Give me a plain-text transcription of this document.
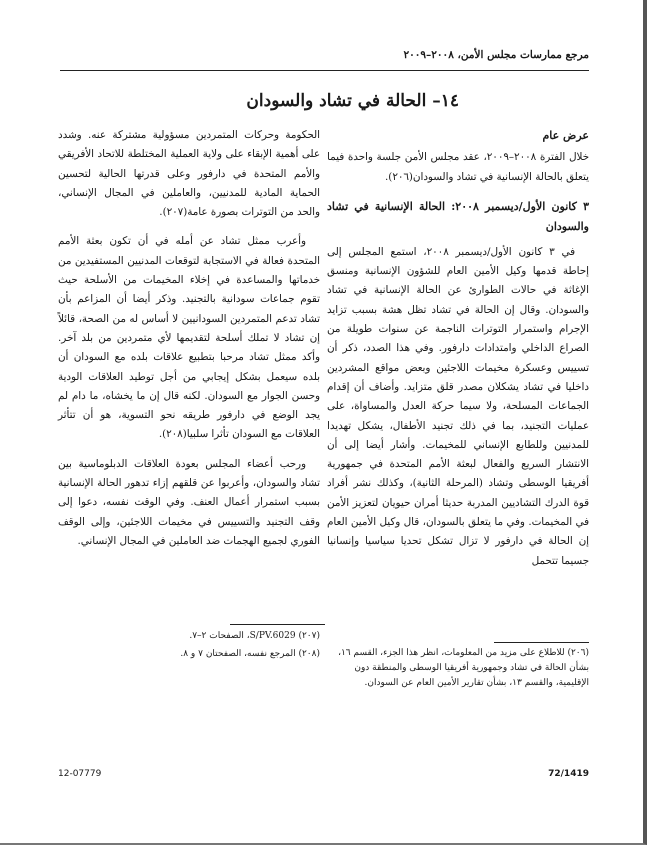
مرجع ممارسات مجلس الأمن، ٢٠٠٨–٢٠٠٩
١٤– الحالة في تشاد والسودان
عرض عام

خلال الفترة ٢٠٠٨–٢٠٠٩، عقد مجلس الأمن جلسة واحدة فيما يتعلق بالحالة الإنسانية في تشاد والسودان(٢٠٦).

٣ كانون الأول/ديسمبر ٢٠٠٨: الحالة الإنسانية في تشاد والسودان

في ٣ كانون الأول/ديسمبر ٢٠٠٨، استمع المجلس إلى إحاطة قدمها وكيل الأمين العام للشؤون الإنسانية ومنسق الإغاثة في حالات الطوارئ عن الحالة الإنسانية في تشاد والسودان. وقال إن الحالة في تشاد تظل هشة بسبب تزايد الإجرام واستمرار التوترات الناجمة عن سنوات طويلة من الصراع الداخلي وامتدادات دارفور. وفي هذا الصدد، ذكر أن تسييس وعسكرة مخيمات اللاجئين وبعض مواقع المشردين داخليا في تشاد يشكلان مصدر قلق متزايد. وأضاف أن إقدام الجماعات المسلحة، ولا سيما حركة العدل والمساواة، على عمليات التجنيد، بما في ذلك تجنيد الأطفال، يشكل تهديدا للمدنيين وللطابع الإنساني للمخيمات. وأشار أيضا إلى أن الانتشار السريع والفعال لبعثة الأمم المتحدة في جمهورية أفريقيا الوسطى وتشاد (المرحلة الثانية)، وكذلك نشر أفراد قوة الدرك التشاديين المدربة حديثا أمران حيويان لتعزيز الأمن في المخيمات. وفي ما يتعلق بالسودان، قال وكيل الأمين العام إن الحالة في دارفور لا تزال تشكل تحديا سياسيا وإنسانيا جسيما تتحمل

الحكومة وحركات المتمردين مسؤولية مشتركة عنه. وشدد على أهمية الإبقاء على ولاية العملية المختلطة للاتحاد الأفريقي والأمم المتحدة في دارفور وعلى قدرتها الحالية لتحسين الحماية المادية للمدنيين، والعاملين في المجال الإنساني، والحد من التوترات بصورة عامة(٢٠٧).

وأعرب ممثل تشاد عن أمله في أن تكون بعثة الأمم المتحدة فعالة في الاستجابة لتوقعات المدنيين المستفيدين من خدماتها والمساعدة في إخلاء المخيمات من الأسلحة حيث تقوم جماعات سودانية بالتجنيد. وذكر أيضا أن المزاعم بأن تشاد تدعم المتمردين السودانيين لا أساس له من الصحة، قائلاً إن تشاد لا تملك أسلحة لتقديمها لأي متمردين من بلد آخر. وأكد ممثل تشاد مرحبا بتطبيع علاقات بلده مع السودان أن بلده سيعمل بشكل إيجابي من أجل توطيد العلاقات الودية وحسن الجوار مع السودان. لكنه قال إن ما يخشاه، ما دام لم يجد الوضع في دارفور طريقه نحو التسوية، هو أن تتأثر العلاقات مع السودان تأثرا سلبيا(٢٠٨).

ورحب أعضاء المجلس بعودة العلاقات الدبلوماسية بين تشاد والسودان، وأعربوا عن قلقهم إزاء تدهور الحالة الإنسانية بسبب استمرار أعمال العنف. وفي الوقت نفسه، دعوا إلى وقف التجنيد والتسييس في مخيمات اللاجئين، وإلى الوقف الفوري لجميع الهجمات ضد العاملين في المجال الإنساني.

(٢٠٧) S/PV.6029، الصفحات ٢–٧.

(٢٠٨) المرجع نفسه، الصفحتان ٧ و ٨.	(٢٠٦) للاطلاع على مزيد من المعلومات، انظر هذا الجزء، القسم ١٦، بشأن الحالة في تشاد وجمهورية أفريقيا الوسطى والمنطقة دون الإقليمية، والقسم ١٣، بشأن تقارير الأمين العام عن السودان.

72/1419
12-07779
